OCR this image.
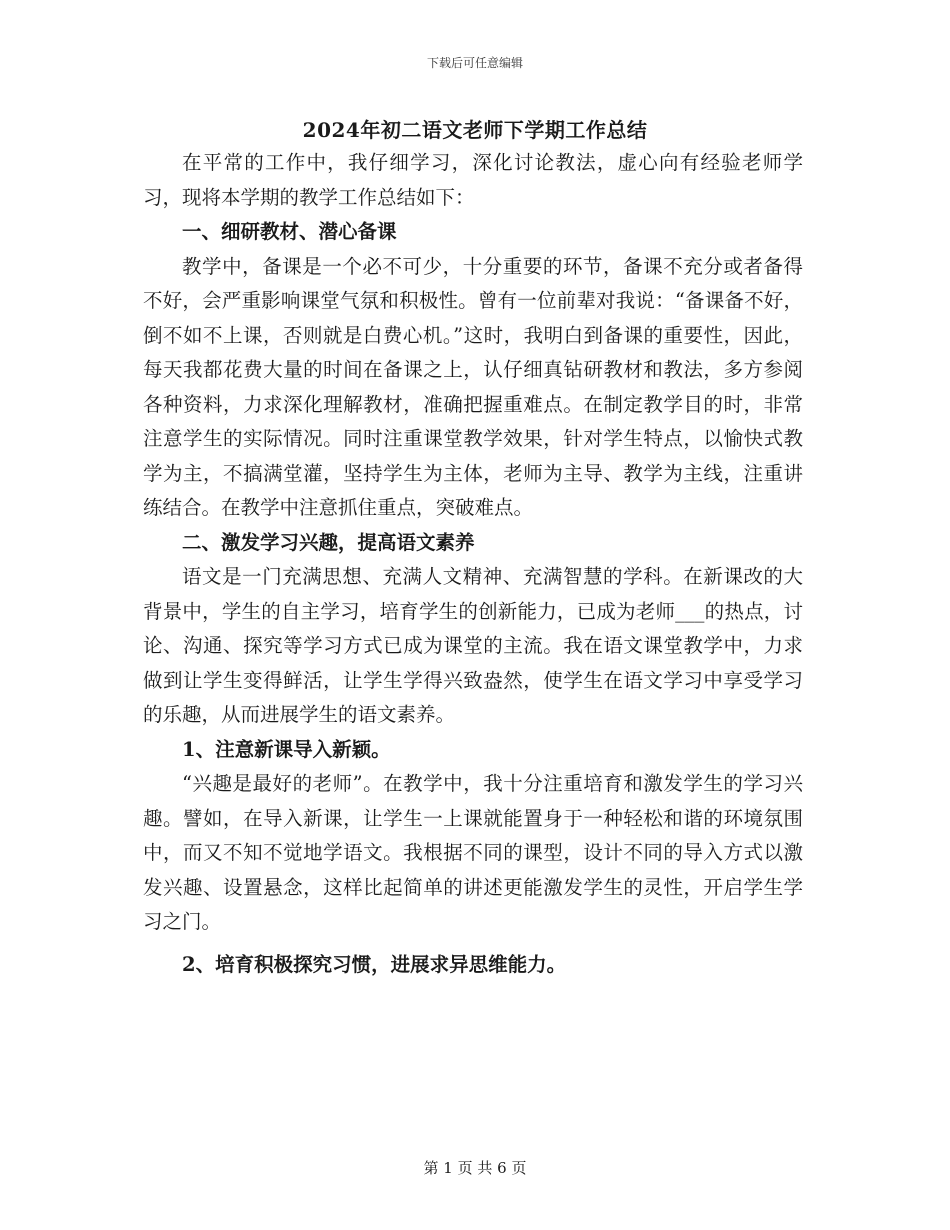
下载后可任意编辑
2024年初二语文老师下学期工作总结

在平常的工作中，我仔细学习，深化讨论教法，虚心向有经验老师学习，现将本学期的教学工作总结如下：

一、细研教材、潜心备课

教学中，备课是一个必不可少，十分重要的环节，备课不充分或者备得不好，会严重影响课堂气氛和积极性。曾有一位前辈对我说：“备课备不好，倒不如不上课，否则就是白费心机。”这时，我明白到备课的重要性，因此，每天我都花费大量的时间在备课之上，认仔细真钻研教材和教法，多方参阅各种资料，力求深化理解教材，准确把握重难点。在制定教学目的时，非常注意学生的实际情况。同时注重课堂教学效果，针对学生特点，以愉快式教学为主，不搞满堂灌，坚持学生为主体，老师为主导、教学为主线，注重讲练结合。在教学中注意抓住重点，突破难点。

二、激发学习兴趣，提高语文素养

语文是一门充满思想、充满人文精神、充满智慧的学科。在新课改的大背景中，学生的自主学习，培育学生的创新能力，已成为老师___的热点，讨论、沟通、探究等学习方式已成为课堂的主流。我在语文课堂教学中，力求做到让学生变得鲜活，让学生学得兴致盎然，使学生在语文学习中享受学习的乐趣，从而进展学生的语文素养。

1、注意新课导入新颖。

“兴趣是最好的老师”。在教学中，我十分注重培育和激发学生的学习兴趣。譬如，在导入新课，让学生一上课就能置身于一种轻松和谐的环境氛围中，而又不知不觉地学语文。我根据不同的课型，设计不同的导入方式以激发兴趣、设置悬念，这样比起简单的讲述更能激发学生的灵性，开启学生学习之门。

2、培育积极探究习惯，进展求异思维能力。

第 1 页 共 6 页
